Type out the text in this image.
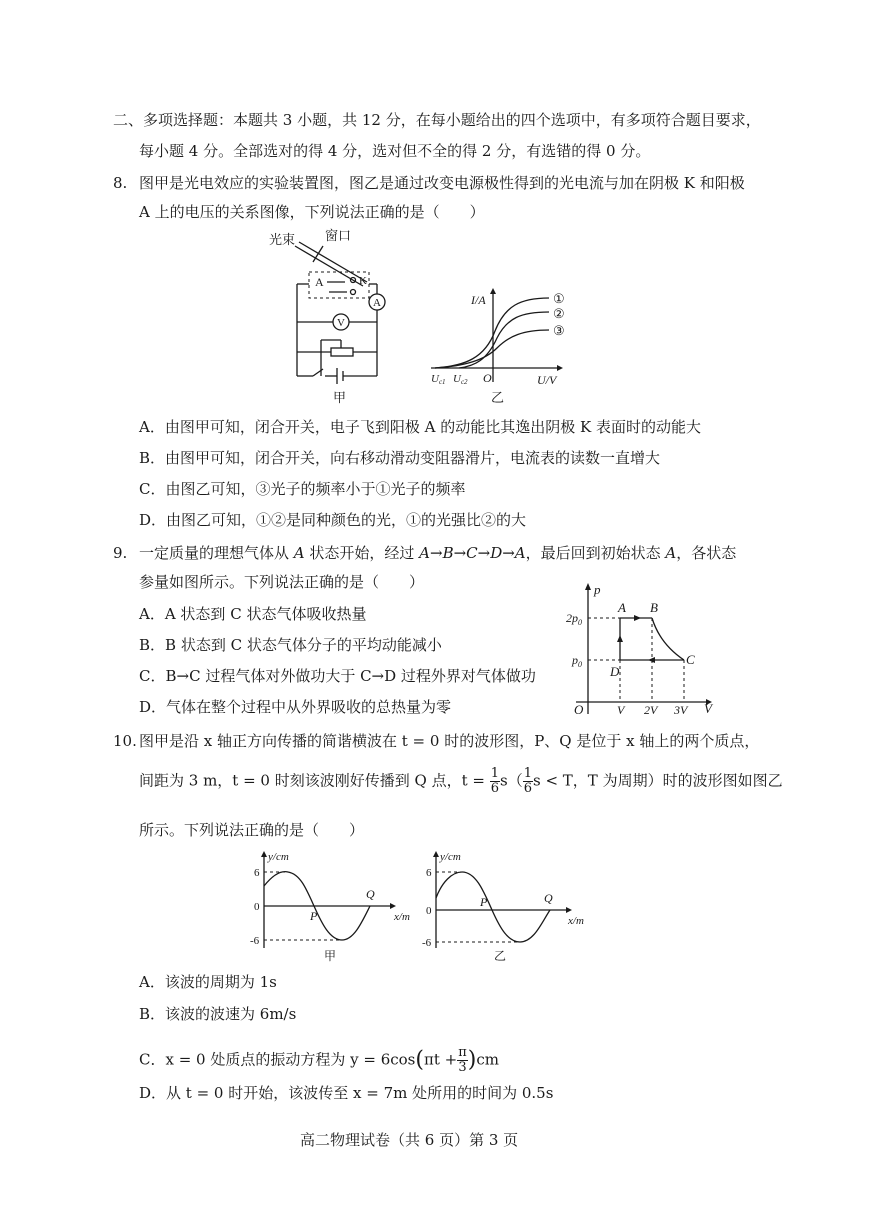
二、多项选择题：本题共 3 小题，共 12 分，在每小题给出的四个选项中，有多项符合题目要求，
每小题 4 分。全部选对的得 4 分，选对但不全的得 2 分，有选错的得 0 分。
8. 图甲是光电效应的实验装置图，图乙是通过改变电源极性得到的光电流与加在阴极 K 和阳极
A 上的电压的关系图像，下列说法正确的是（　　）
光束 窗口
A	K
A
V
甲
I/A
U/V
O
Uc1 Uc2
①
②
③
乙
A．由图甲可知，闭合开关，电子飞到阳极 A 的动能比其逸出阴极 K 表面时的动能大
B．由图甲可知，闭合开关，向右移动滑动变阻器滑片，电流表的读数一直增大
C．由图乙可知，③光子的频率小于①光子的频率
D．由图乙可知，①②是同种颜色的光，①的光强比②的大
9. 一定质量的理想气体从 A 状态开始，经过 A→B→C→D→A，最后回到初始状态 A，各状态
参量如图所示。下列说法正确的是（　　）
A．A 状态到 C 状态气体吸收热量
B．B 状态到 C 状态气体分子的平均动能减小
C．B→C 过程气体对外做功大于 C→D 过程外界对气体做功
D．气体在整个过程中从外界吸收的总热量为零
p
V
O
$2p_0$
$p_0$
V 2V 3V
A B
C
D
10. 图甲是沿 x 轴正方向传播的简谐横波在 t = 0 时的波形图，P、Q 是位于 x 轴上的两个质点，
间距为 3 m，t = 0 时刻该波刚好传播到 Q 点，$t = \frac{1}{6} s( \frac{1}{6}$ s < T，T 为周期）时的波形图如图乙
所示。下列说法正确的是（　　）
y/cm
x/m
6
0
-6
P
Q
甲
y/cm
x/m
6
0
-6
P	Q
乙
A．该波的周期为 1s
B．该波的波速为 6m/s
C．x = 0 处质点的振动方程为 $y = 6\cos(\pi t + \frac{\pi}{3} )cm$
D．从 t = 0 时开始，该波传至 x = 7m 处所用的时间为 0.5s
高二物理试卷（共 6 页）第 3 页
